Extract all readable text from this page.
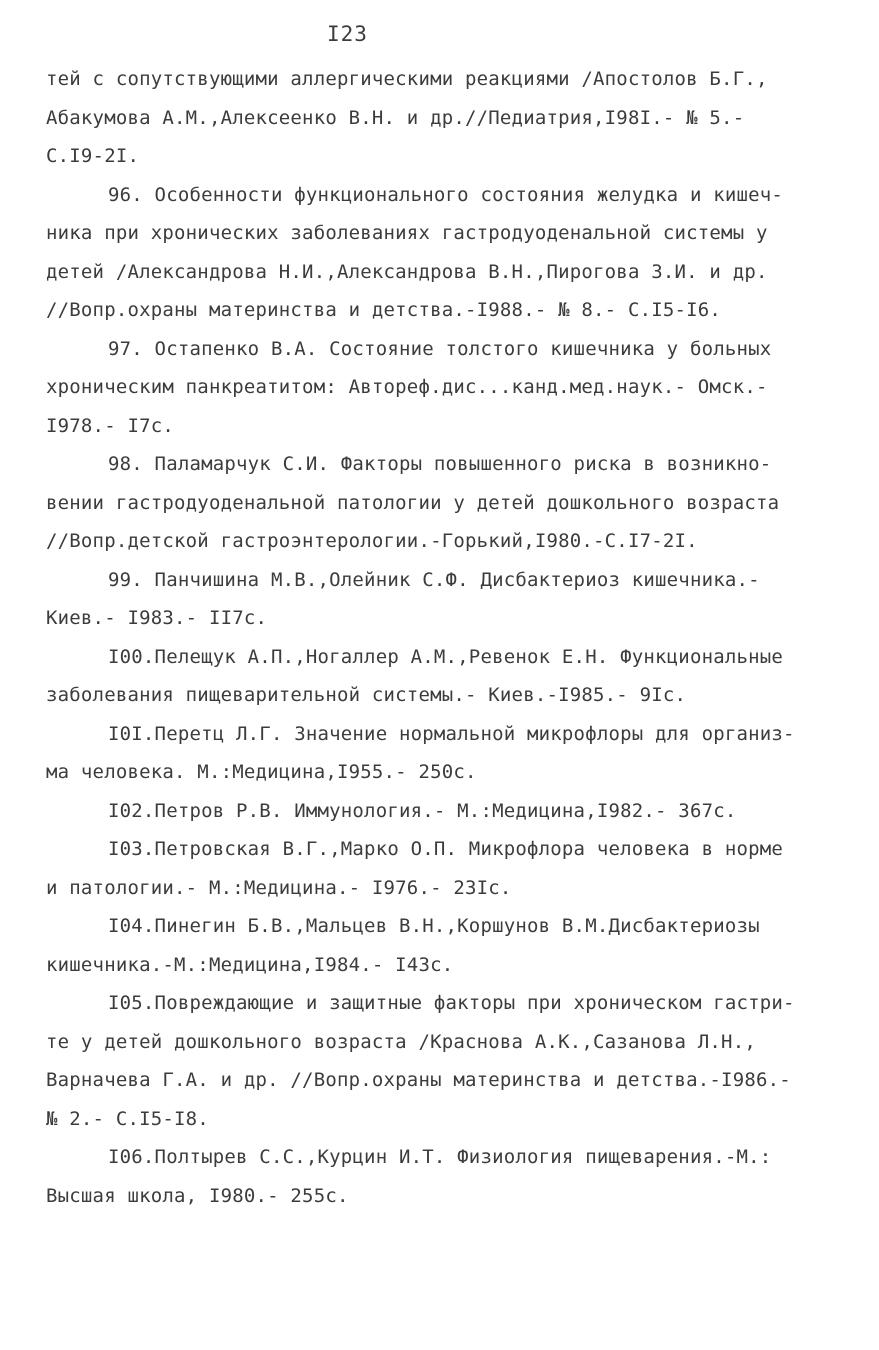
I23
тей с сопутствующими аллергическими реакциями /Апостолов Б.Г.,
Абакумова А.М.,Алексеенко В.Н. и др.//Педиатрия,I98I.- № 5.-
С.I9-2I.
96. Особенности функционального состояния желудка и кишеч-
ника при хронических заболеваниях гастродуоденальной системы у
детей /Александрова Н.И.,Александрова В.Н.,Пирогова З.И. и др.
//Вопр.охраны материнства и детства.-I988.- № 8.- С.I5-I6.
97. Остапенко В.А. Состояние толстого кишечника у больных
хроническим панкреатитом: Автореф.дис...канд.мед.наук.- Омск.-
I978.- I7с.
98. Паламарчук С.И. Факторы повышенного риска в возникно-
вении гастродуоденальной патологии у детей дошкольного возраста
//Вопр.детской гастроэнтерологии.-Горький,I980.-С.I7-2I.
99. Панчишина М.В.,Олейник С.Ф. Дисбактериоз кишечника.-
Киев.- I983.- II7с.
I00.Пелещук А.П.,Ногаллер А.М.,Ревенок Е.Н. Функциональные
заболевания пищеварительной системы.- Киев.-I985.- 9Iс.
I0I.Перетц Л.Г. Значение нормальной микрофлоры для организ-
ма человека. М.:Медицина,I955.- 250с.
I02.Петров Р.В. Иммунология.- М.:Медицина,I982.- 367с.
I03.Петровская В.Г.,Марко О.П. Микрофлора человека в норме
и патологии.- М.:Медицина.- I976.- 23Iс.
I04.Пинегин Б.В.,Мальцев В.Н.,Коршунов В.М.Дисбактериозы
кишечника.-М.:Медицина,I984.- I43с.
I05.Повреждающие и защитные факторы при хроническом гастри-
те у детей дошкольного возраста /Краснова А.К.,Сазанова Л.Н.,
Варначева Г.А. и др. //Вопр.охраны материнства и детства.-I986.-
№ 2.- С.I5-I8.
I06.Полтырев С.С.,Курцин И.Т. Физиология пищеварения.-М.:
Высшая школа, I980.- 255с.
